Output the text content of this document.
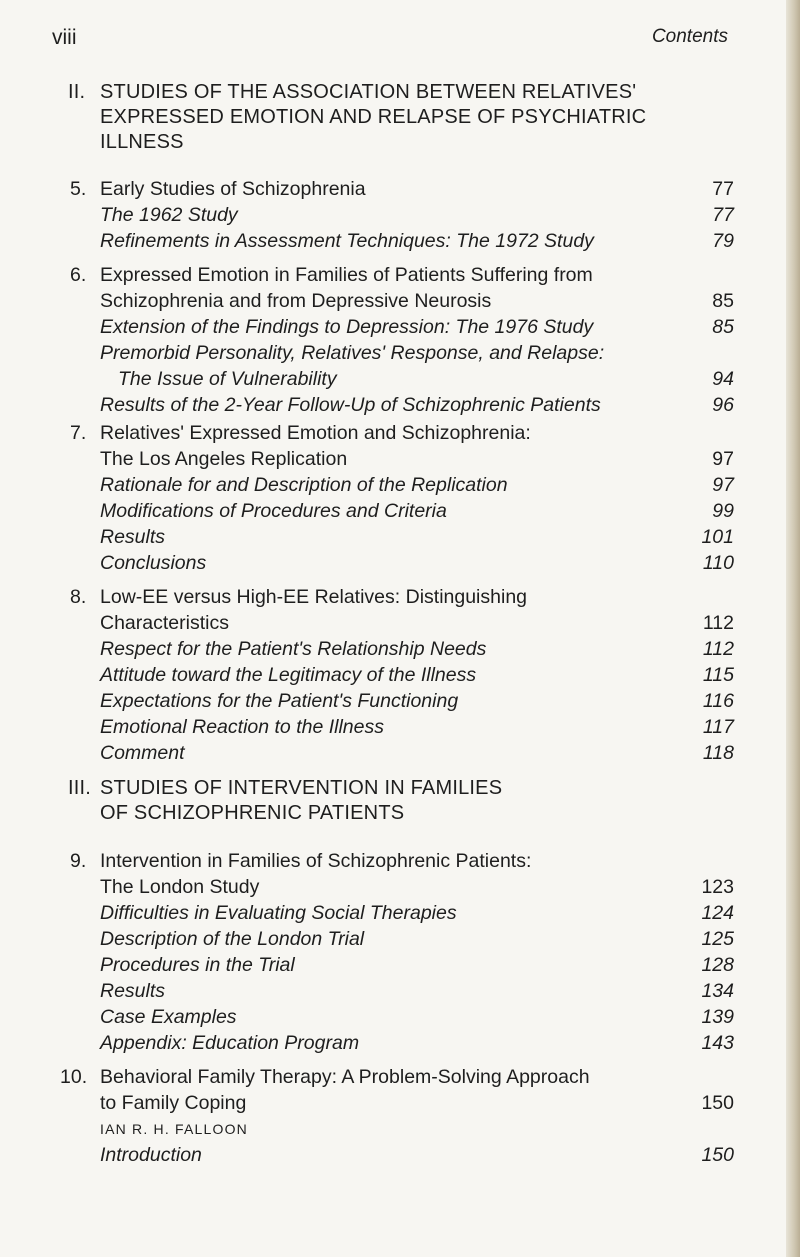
viii	Contents
II. STUDIES OF THE ASSOCIATION BETWEEN RELATIVES'
EXPRESSED EMOTION AND RELAPSE OF PSYCHIATRIC
ILLNESS
5. Early Studies of Schizophrenia	77
The 1962 Study	77
Refinements in Assessment Techniques: The 1972 Study	79
6. Expressed Emotion in Families of Patients Suffering from
Schizophrenia and from Depressive Neurosis	85
Extension of the Findings to Depression: The 1976 Study	85
Premorbid Personality, Relatives' Response, and Relapse:
The Issue of Vulnerability	94
Results of the 2-Year Follow-Up of Schizophrenic Patients	96
7. Relatives' Expressed Emotion and Schizophrenia:
The Los Angeles Replication	97
Rationale for and Description of the Replication	97
Modifications of Procedures and Criteria	99
Results	101
Conclusions	110
8. Low-EE versus High-EE Relatives: Distinguishing
Characteristics	112
Respect for the Patient's Relationship Needs	112
Attitude toward the Legitimacy of the Illness	115
Expectations for the Patient's Functioning	116
Emotional Reaction to the Illness	117
Comment	118
III. STUDIES OF INTERVENTION IN FAMILIES
OF SCHIZOPHRENIC PATIENTS
9. Intervention in Families of Schizophrenic Patients:
The London Study	123
Difficulties in Evaluating Social Therapies	124
Description of the London Trial	125
Procedures in the Trial	128
Results	134
Case Examples	139
Appendix: Education Program	143
10. Behavioral Family Therapy: A Problem-Solving Approach
to Family Coping	150
IAN R. H. FALLOON
Introduction	150
